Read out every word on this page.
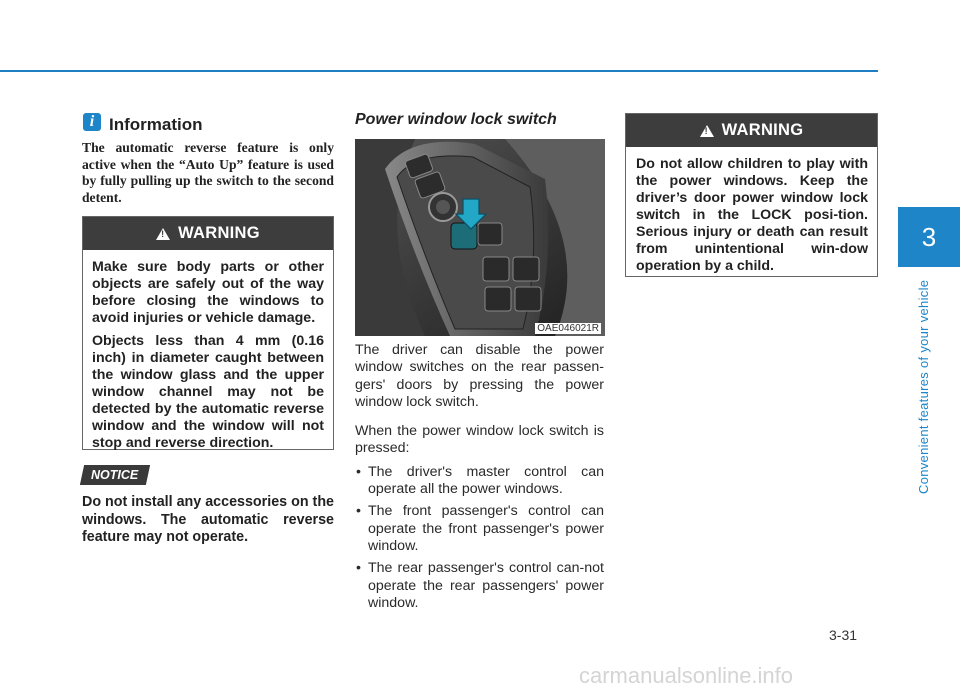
3
Convenient features of your vehicle
i Information
The automatic reverse feature is only active when the “Auto Up” feature is used by fully pulling up the switch to the second detent.
!
WARNING

Make sure body parts or other objects are safely out of the way before closing the windows to avoid injuries or vehicle damage.

Objects less than 4 mm (0.16 inch) in diameter caught between the window glass and the upper window channel may not be detected by the automatic reverse window and the window will not stop and reverse direction.

NOTICE
Do not install any accessories on the windows. The automatic reverse feature may not operate.
Power window lock switch
OAE046021R

The driver can disable the power window switches on the rear passen-gers' doors by pressing the power window lock switch.

When the power window lock switch is pressed:

• The driver's master control can operate all the power windows.
• The front passenger's control can operate the front passenger's power window.
• The rear passenger's control can-not operate the rear passengers' power window.
!
WARNING

Do not allow children to play with the power windows. Keep the driver’s door power window lock switch in the LOCK posi-tion. Serious injury or death can result from unintentional win-dow operation by a child.

3-31
carmanualsonline.info
